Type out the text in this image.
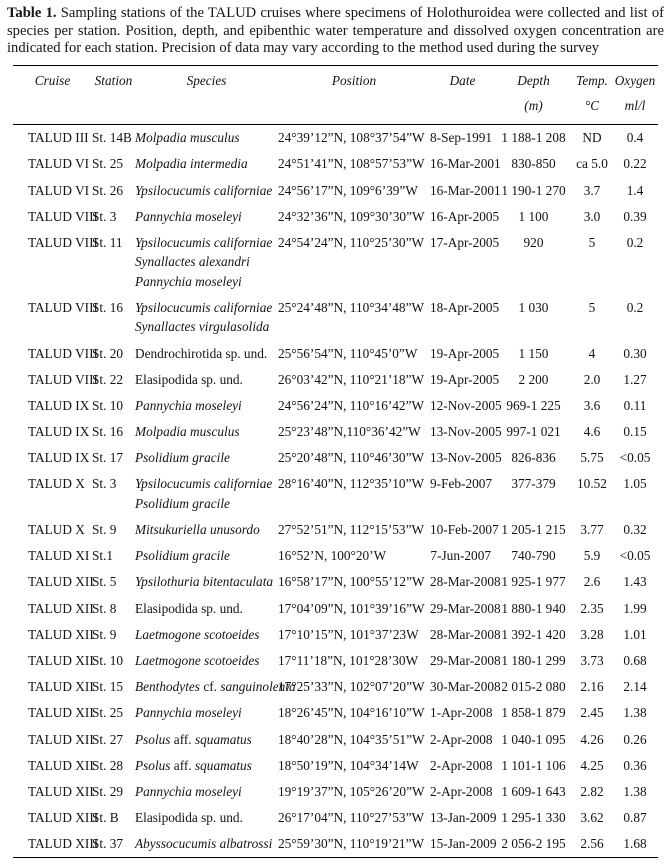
Table 1. Sampling stations of the TALUD cruises where specimens of Holothuroidea were collected and list of species per station. Position, depth, and epibenthic water temperature and dissolved oxygen concentration are indicated for each station. Precision of data may vary according to the method used during the survey

Cruise	Station	Species	Position	Date	Depth	Temp.	Oxygen
					(m)	°C	ml/l
TALUD III	St. 14B	Molpadia musculus	24°39’12”N, 108°37’54”W	8-Sep-1991	1 188-1 208	ND	0.4
TALUD VI	St. 25	Molpadia intermedia	24°51’41”N, 108°57’53”W	16-Mar-2001	830-850	ca 5.0	0.22
TALUD VI	St. 26	Ypsilocucumis californiae	24°56’17”N, 109°6’39”W	16-Mar-2001	1 190-1 270	3.7	1.4
TALUD VIII	St. 3	Pannychia moseleyi	24°32’36”N, 109°30’30”W	16-Apr-2005	1 100	3.0	0.39
TALUD VIII	St. 11	Ypsilocucumis californiae
Synallactes alexandri
Pannychia moseleyi	24°54’24”N, 110°25’30”W	17-Apr-2005	920	5	0.2
TALUD VIII	St. 16	Ypsilocucumis californiae
Synallactes virgulasolida	25°24’48”N, 110°34’48”W	18-Apr-2005	1 030	5	0.2
TALUD VIII	St. 20	Dendrochirotida sp. und.	25°56’54”N, 110°45’0”W	19-Apr-2005	1 150	4	0.30
TALUD VIII	St. 22	Elasipodida sp. und.	26°03’42”N, 110°21’18”W	19-Apr-2005	2 200	2.0	1.27
TALUD IX	St. 10	Pannychia moseleyi	24°56’24”N, 110°16’42”W	12-Nov-2005	969-1 225	3.6	0.11
TALUD IX	St. 16	Molpadia musculus	25°23’48”N,110°36’42”W	13-Nov-2005	997-1 021	4.6	0.15
TALUD IX	St. 17	Psolidium gracile	25°20’48”N, 110°46’30”W	13-Nov-2005	826-836	5.75	<0.05
TALUD X	St. 3	Ypsilocucumis californiae
Psolidium gracile	28°16’40”N, 112°35’10”W	9-Feb-2007	377-379	10.52	1.05
TALUD X	St. 9	Mitsukuriella unusordo	27°52’51”N, 112°15’53”W	10-Feb-2007	1 205-1 215	3.77	0.32
TALUD XI	St.1	Psolidium gracile	16°52’N, 100°20’W	7-Jun-2007	740-790	5.9	<0.05
TALUD XII	St. 5	Ypsilothuria bitentaculata	16°58’17”N, 100°55’12”W	28-Mar-2008	1 925-1 977	2.6	1.43
TALUD XII	St. 8	Elasipodida sp. und.	17°04’09”N, 101°39’16”W	29-Mar-2008	1 880-1 940	2.35	1.99
TALUD XII	St. 9	Laetmogone scotoeides	17°10’15”N, 101°37’23W	28-Mar-2008	1 392-1 420	3.28	1.01
TALUD XII	St. 10	Laetmogone scotoeides	17°11’18”N, 101°28’30W	29-Mar-2008	1 180-1 299	3.73	0.68
TALUD XII	St. 15	Benthodytes cf. sanguinolenta	17°25’33”N, 102°07’20”W	30-Mar-2008	2 015-2 080	2.16	2.14
TALUD XII	St. 25	Pannychia moseleyi	18°26’45”N, 104°16’10”W	1-Apr-2008	1 858-1 879	2.45	1.38
TALUD XII	St. 27	Psolus aff. squamatus	18°40’28”N, 104°35’51”W	2-Apr-2008	1 040-1 095	4.26	0.26
TALUD XII	St. 28	Psolus aff. squamatus	18°50’19”N, 104°34’14W	2-Apr-2008	1 101-1 106	4.25	0.36
TALUD XII	St. 29	Pannychia moseleyi	19°19’37”N, 105°26’20”W	2-Apr-2008	1 609-1 643	2.82	1.38
TALUD XIII	St. B	Elasipodida sp. und.	26°17’04”N, 110°27’53”W	13-Jan-2009	1 295-1 330	3.62	0.87
TALUD XIII	St. 37	Abyssocucumis albatrossi	25°59’30”N, 110°19’21”W	15-Jan-2009	2 056-2 195	2.56	1.68
